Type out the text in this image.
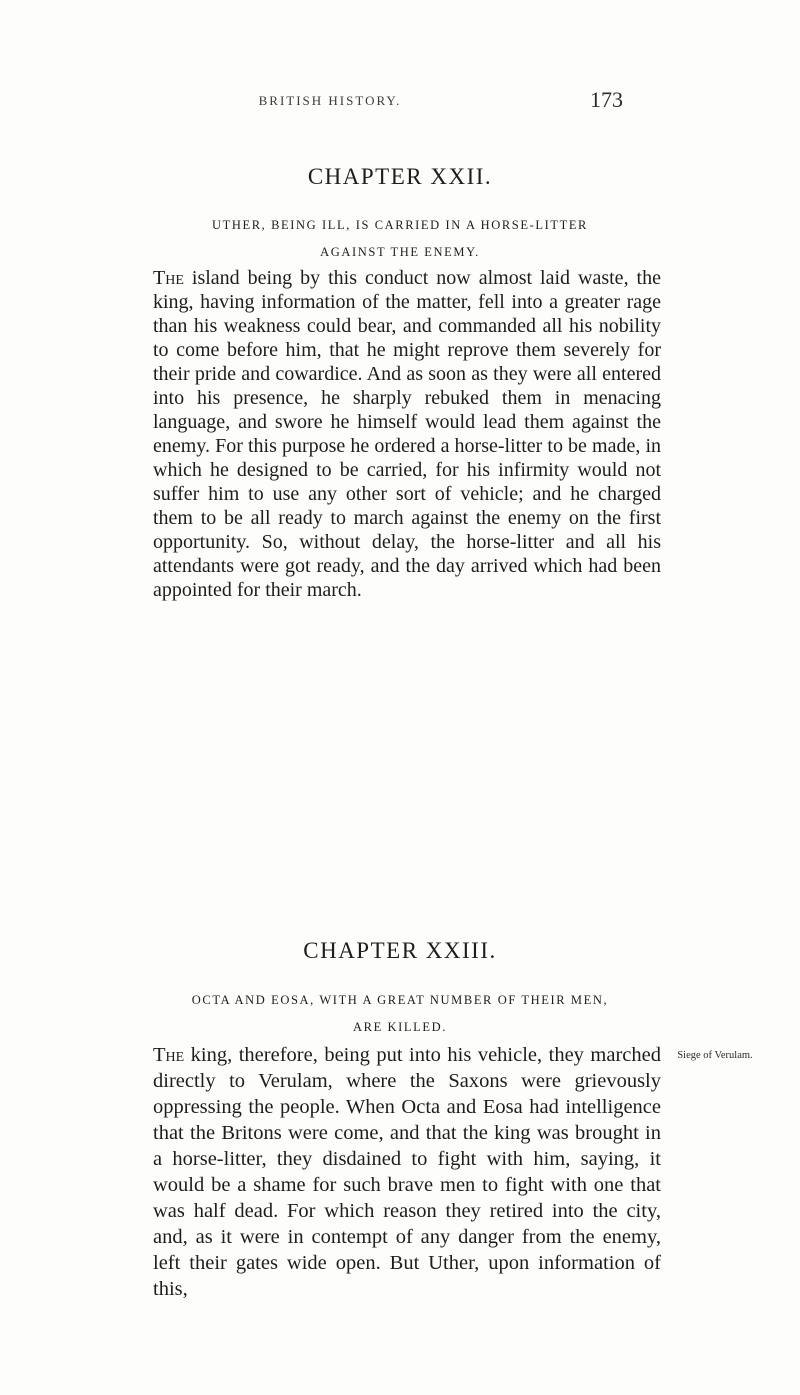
BRITISH HISTORY.	173
CHAPTER XXII.
UTHER, BEING ILL, IS CARRIED IN A HORSE-LITTER
AGAINST THE ENEMY.
The island being by this conduct now almost laid waste, the king, having information of the matter, fell into a greater rage than his weakness could bear, and commanded all his nobility to come before him, that he might reprove them severely for their pride and cowardice. And as soon as they were all entered into his presence, he sharply rebuked them in menacing language, and swore he himself would lead them against the enemy. For this purpose he ordered a horse-litter to be made, in which he designed to be carried, for his infirmity would not suffer him to use any other sort of vehicle; and he charged them to be all ready to march against the enemy on the first opportunity. So, without delay, the horse-litter and all his attendants were got ready, and the day arrived which had been appointed for their march.
CHAPTER XXIII.
OCTA AND EOSA, WITH A GREAT NUMBER OF THEIR MEN,
ARE KILLED.
The king, therefore, being put into his vehicle, they marched directly to Verulam, where the Saxons were grievously oppressing the people. When Octa and Eosa had intelligence that the Britons were come, and that the king was brought in a horse-litter, they disdained to fight with him, saying, it would be a shame for such brave men to fight with one that was half dead. For which reason they retired into the city, and, as it were in contempt of any danger from the enemy, left their gates wide open. But Uther, upon information of this,
Siege of Verulam.
